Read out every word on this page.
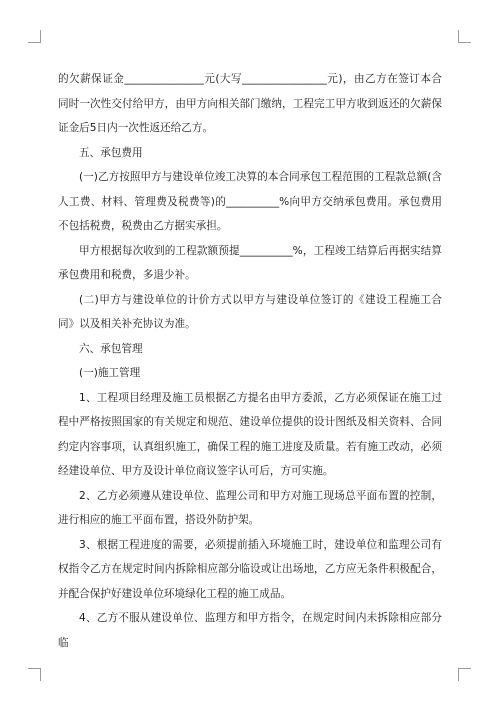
的欠薪保证金_______________元(大写________________元)，由乙方在签订本合同时一次性交付给甲方，由甲方向相关部门缴纳，工程完工甲方收到返还的欠薪保证金后5日内一次性返还给乙方。

五、承包费用

(一)乙方按照甲方与建设单位竣工决算的本合同承包工程范围的工程款总额(含人工费、材料、管理费及税费等)的__________%向甲方交纳承包费用。承包费用不包括税费，税费由乙方据实承担。

甲方根据每次收到的工程款额预提__________%，工程竣工结算后再据实结算承包费用和税费，多退少补。

(二)甲方与建设单位的计价方式以甲方与建设单位签订的《建设工程施工合同》以及相关补充协议为准。

六、承包管理

(一)施工管理

1、工程项目经理及施工员根据乙方提名由甲方委派，乙方必须保证在施工过程中严格按照国家的有关规定和规范、建设单位提供的设计图纸及相关资料、合同约定内容事项，认真组织施工，确保工程的施工进度及质量。若有施工改动，必须经建设单位、甲方及设计单位商议签字认可后，方可实施。

2、乙方必须遵从建设单位、监理公司和甲方对施工现场总平面布置的控制，进行相应的施工平面布置，搭设外防护架。

3、根据工程进度的需要，必须提前插入环境施工时，建设单位和监理公司有权指令乙方在规定时间内拆除相应部分临设或让出场地，乙方应无条件积极配合，并配合保护好建设单位环境绿化工程的施工成品。

4、乙方不服从建设单位、监理方和甲方指令，在规定时间内未拆除相应部分临
